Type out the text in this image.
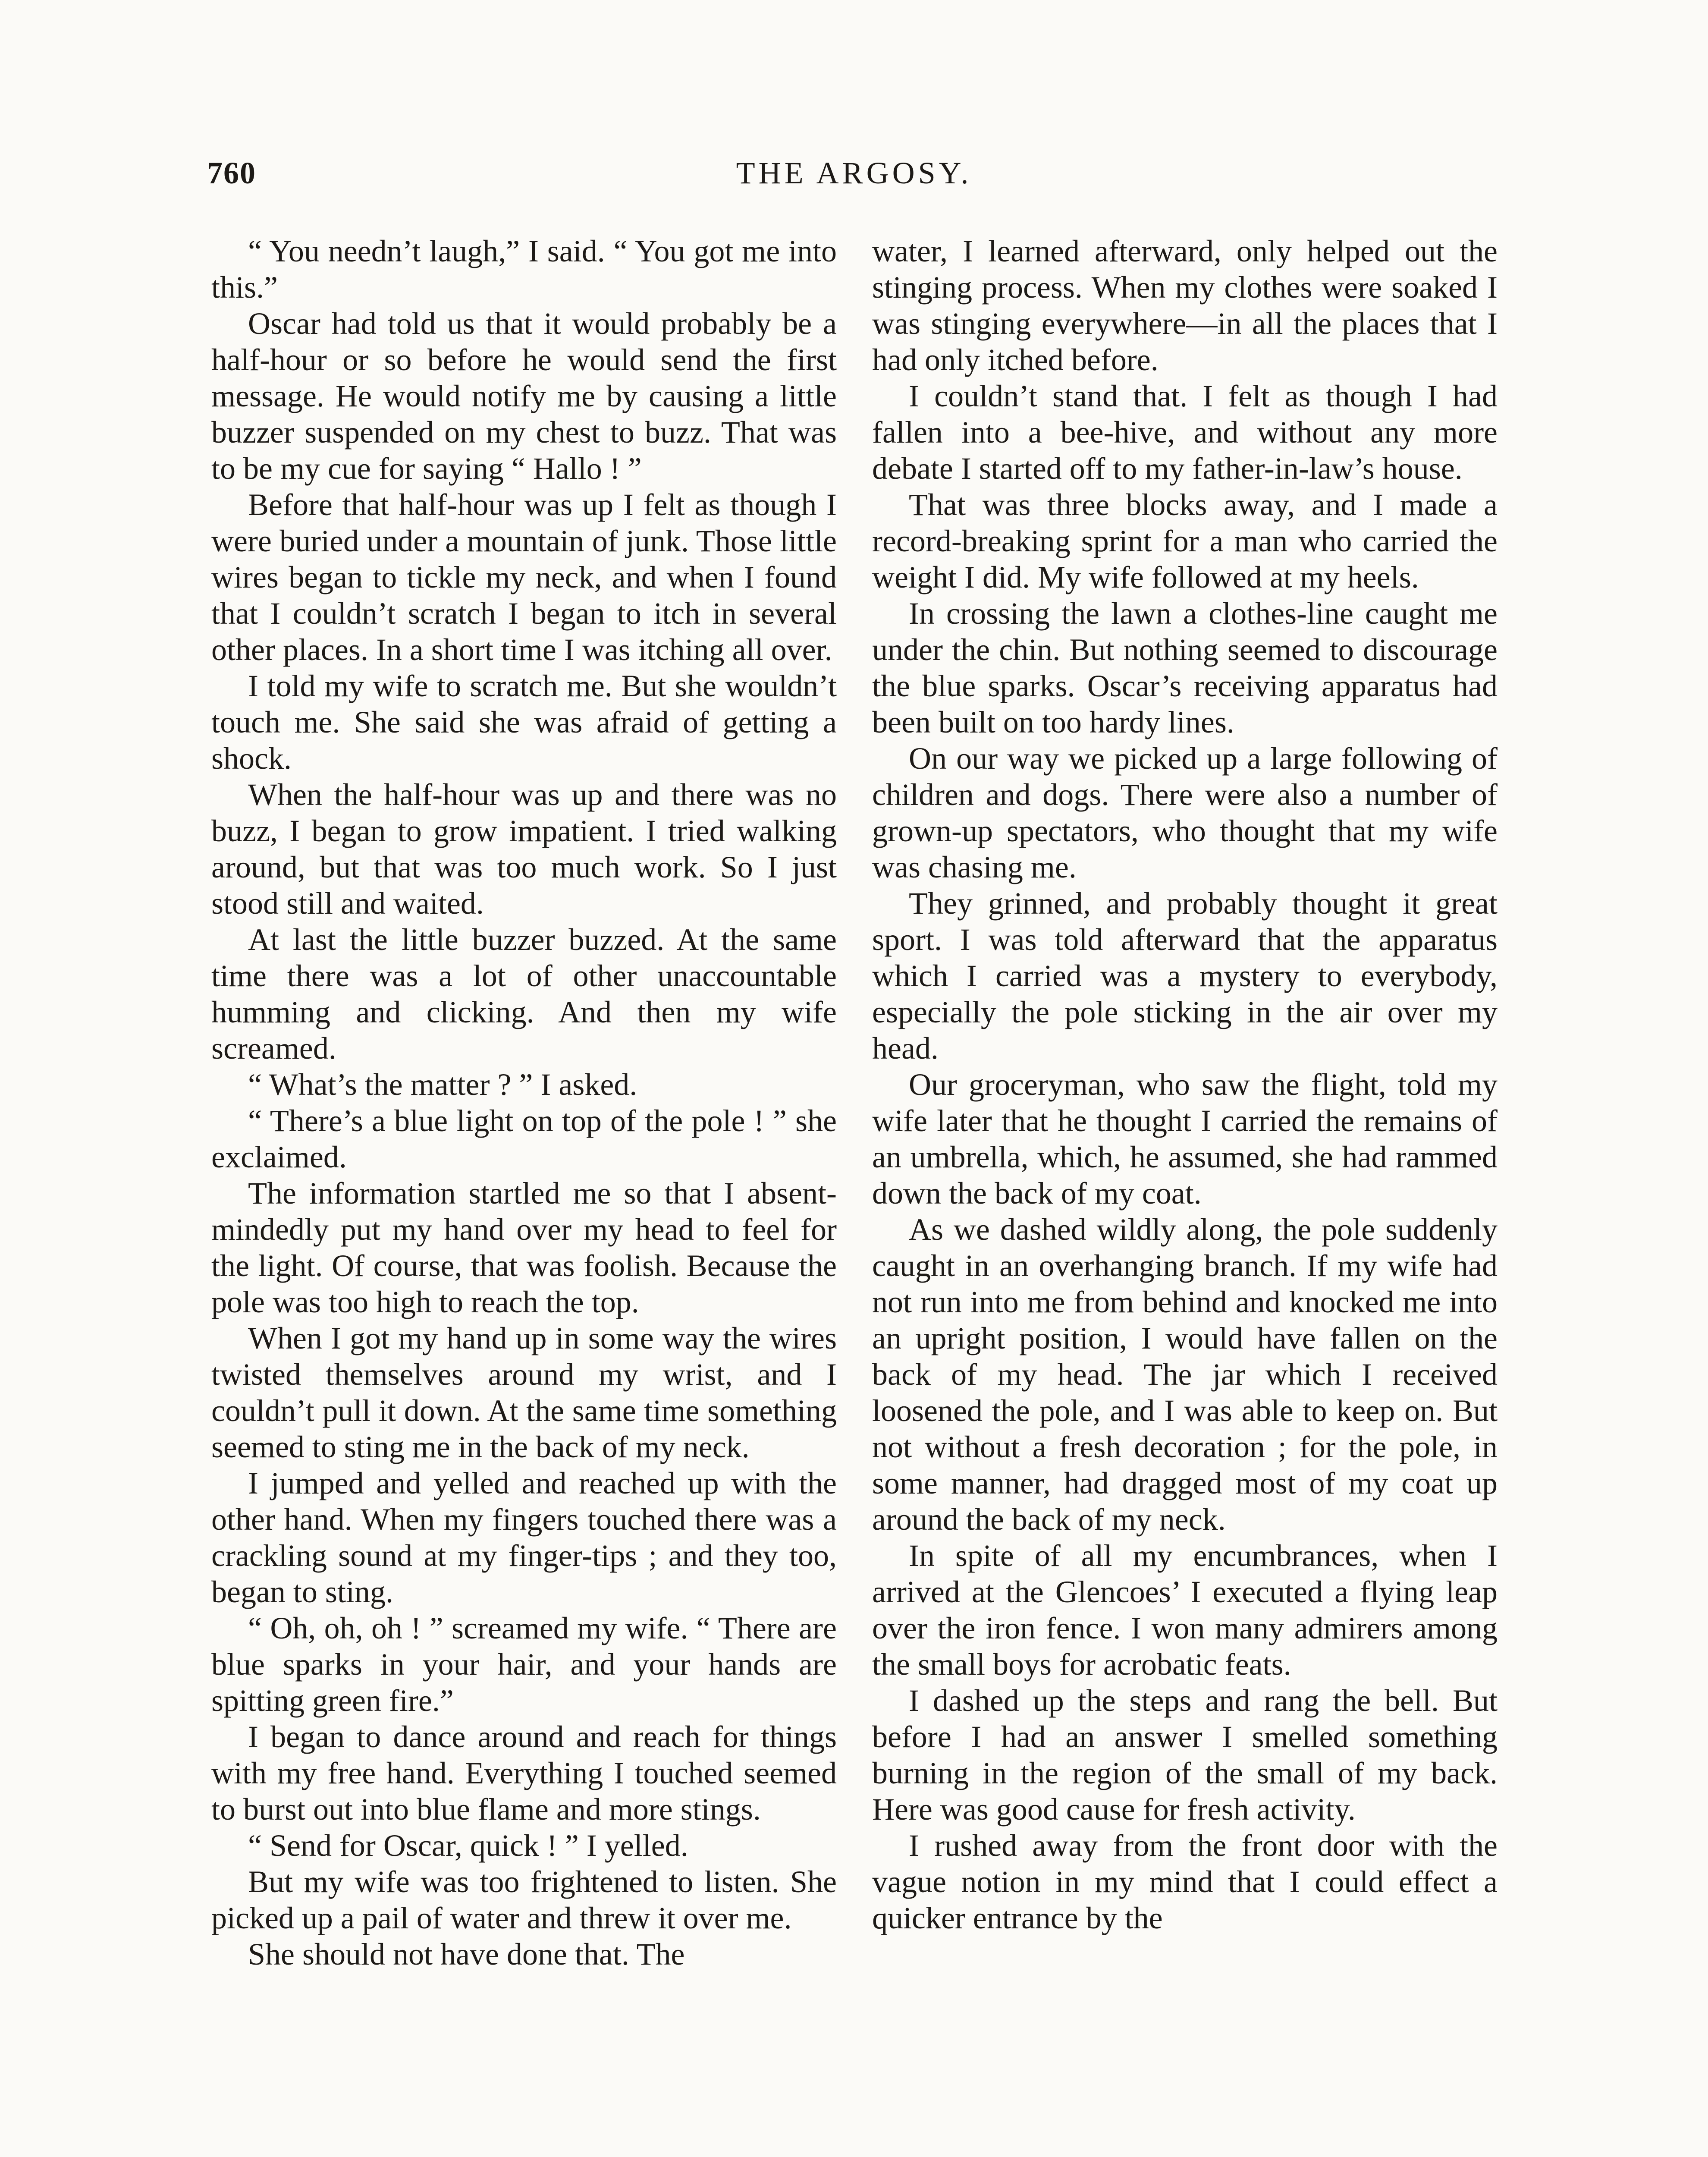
760	THE ARGOSY.

“ You needn’t laugh,” I said. “ You got me into this.”

Oscar had told us that it would probably be a half-hour or so before he would send the first message. He would notify me by causing a little buzzer suspended on my chest to buzz. That was to be my cue for saying “ Hallo ! ”

Before that half-hour was up I felt as though I were buried under a mountain of junk. Those little wires began to tickle my neck, and when I found that I couldn’t scratch I began to itch in several other places. In a short time I was itching all over.

I told my wife to scratch me. But she wouldn’t touch me. She said she was afraid of getting a shock.

When the half-hour was up and there was no buzz, I began to grow impatient. I tried walking around, but that was too much work. So I just stood still and waited.

At last the little buzzer buzzed. At the same time there was a lot of other unaccountable humming and clicking. And then my wife screamed.

“ What’s the matter ? ” I asked.

“ There’s a blue light on top of the pole ! ” she exclaimed.

The information startled me so that I absent-mindedly put my hand over my head to feel for the light. Of course, that was foolish. Because the pole was too high to reach the top.

When I got my hand up in some way the wires twisted themselves around my wrist, and I couldn’t pull it down. At the same time something seemed to sting me in the back of my neck.

I jumped and yelled and reached up with the other hand. When my fingers touched there was a crackling sound at my finger-tips ; and they too, began to sting.

“ Oh, oh, oh ! ” screamed my wife. “ There are blue sparks in your hair, and your hands are spitting green fire.”

I began to dance around and reach for things with my free hand. Everything I touched seemed to burst out into blue flame and more stings.

“ Send for Oscar, quick ! ” I yelled.

But my wife was too frightened to listen. She picked up a pail of water and threw it over me.

She should not have done that. The

water, I learned afterward, only helped out the stinging process. When my clothes were soaked I was stinging everywhere—in all the places that I had only itched before.

I couldn’t stand that. I felt as though I had fallen into a bee-hive, and without any more debate I started off to my father-in-law’s house.

That was three blocks away, and I made a record-breaking sprint for a man who carried the weight I did. My wife followed at my heels.

In crossing the lawn a clothes-line caught me under the chin. But nothing seemed to discourage the blue sparks. Oscar’s receiving apparatus had been built on too hardy lines.

On our way we picked up a large following of children and dogs. There were also a number of grown-up spectators, who thought that my wife was chasing me.

They grinned, and probably thought it great sport. I was told afterward that the apparatus which I carried was a mystery to everybody, especially the pole sticking in the air over my head.

Our groceryman, who saw the flight, told my wife later that he thought I carried the remains of an umbrella, which, he assumed, she had rammed down the back of my coat.

As we dashed wildly along, the pole suddenly caught in an overhanging branch. If my wife had not run into me from behind and knocked me into an upright position, I would have fallen on the back of my head. The jar which I received loosened the pole, and I was able to keep on. But not without a fresh decoration ; for the pole, in some manner, had dragged most of my coat up around the back of my neck.

In spite of all my encumbrances, when I arrived at the Glencoes’ I executed a flying leap over the iron fence. I won many admirers among the small boys for acrobatic feats.

I dashed up the steps and rang the bell. But before I had an answer I smelled something burning in the region of the small of my back. Here was good cause for fresh activity.

I rushed away from the front door with the vague notion in my mind that I could effect a quicker entrance by the
